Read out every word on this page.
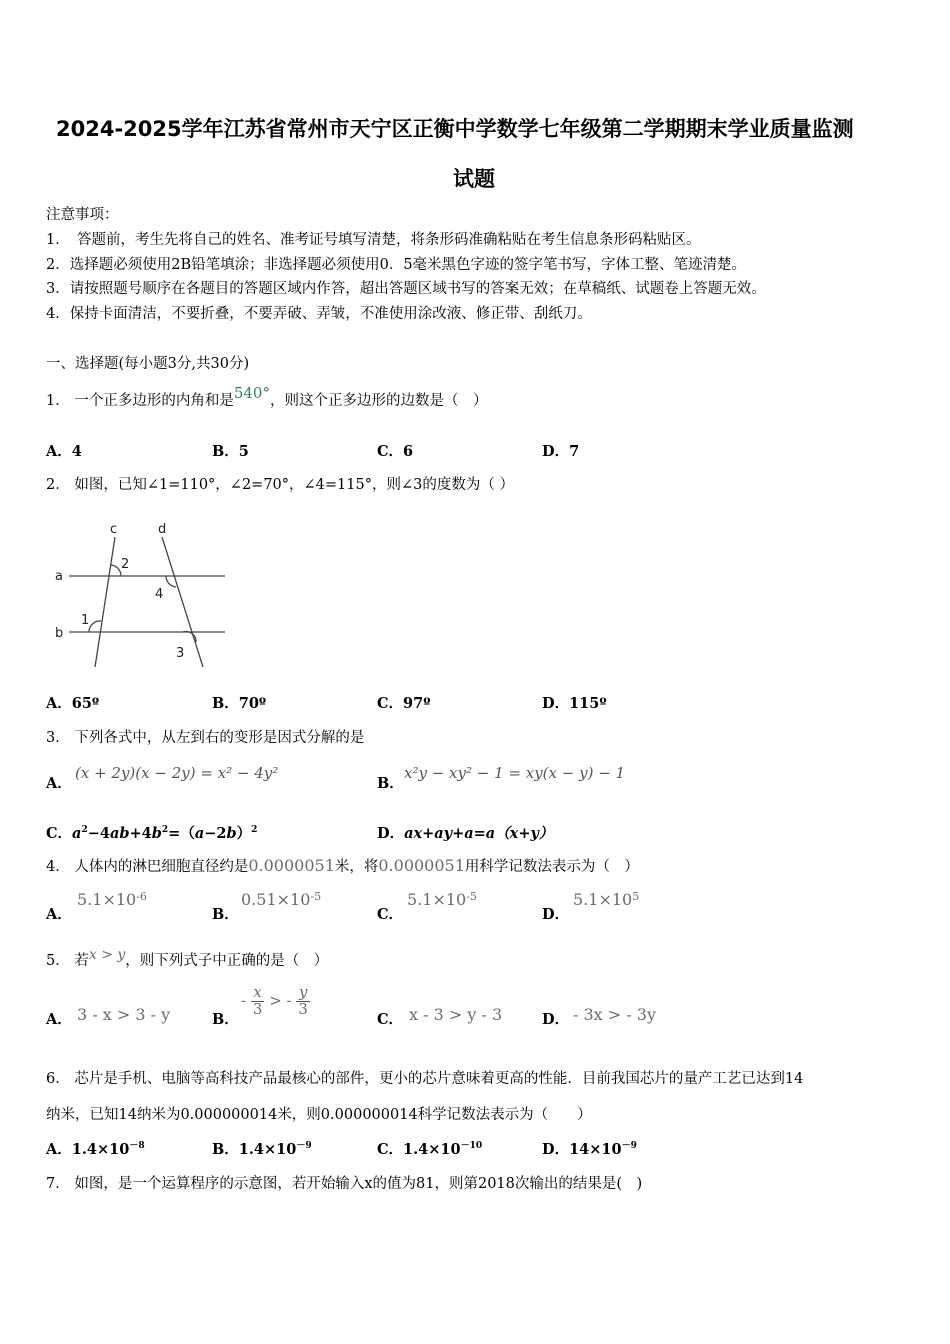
2024-2025学年江苏省常州市天宁区正衡中学数学七年级第二学期期末学业质量监测
试题
注意事项：
1．　答题前，考生先将自己的姓名、准考证号填写清楚，将条形码准确粘贴在考生信息条形码粘贴区。
2．选择题必须使用2B铅笔填涂；非选择题必须使用0．5毫米黑色字迹的签字笔书写，字体工整、笔迹清楚。
3．请按照题号顺序在各题目的答题区域内作答，超出答题区域书写的答案无效；在草稿纸、试题卷上答题无效。
4．保持卡面清洁，不要折叠，不要弄破、弄皱，不准使用涂改液、修正带、刮纸刀。
一、选择题(每小题3分,共30分)
1． 一个正多边形的内角和是540°，则这个正多边形的边数是（　）
A．4	B．5	C．6	D．7
2． 如图，已知∠1=110°，∠2=70°，∠4=115°，则∠3的度数为（ ）
c	d
a
b
2
4
1
3
A．65º	B．70º	C．97º	D．115º
3． 下列各式中，从左到右的变形是因式分解的是
A．
(x + 2y)(x − 2y) = x² − 4y²
B．
x²y − xy² − 1 = xy(x − y) − 1
C．$a^2-4ab+4b^2=(a-2b)^2$	D．ax+ay+a=a（x+y）
4． 人体内的淋巴细胞直径约是0.0000051米，将0.0000051用科学记数法表示为（　）
A．
$5.1\times 10^{-6}$
B．
$0.51\times 10^{-5}$
C．
$5.1\times 10^{-5}$
D．
$5.1\times 10^5$
5． 若x > y，则下列式子中正确的是（　）
A． 3 - x > 3 - y	B．
- $\frac{x}{3}$ > - $\frac{y}{3}$
C． x - 3 > y - 3	D． - 3x > - 3y
6． 芯片是手机、电脑等高科技产品最核心的部件，更小的芯片意味着更高的性能．目前我国芯片的量产工艺已达到14
纳米，已知14纳米为0.000000014米，则0.000000014科学记数法表示为（　　）
A．$1.4\times 10^{-8}$	B．$1.4\times 10^{-9}$	C．$1.4\times 10^{-10}$	D．$14\times 10^{-9}$
7． 如图，是一个运算程序的示意图，若开始输入x的值为81，则第2018次输出的结果是(　)
